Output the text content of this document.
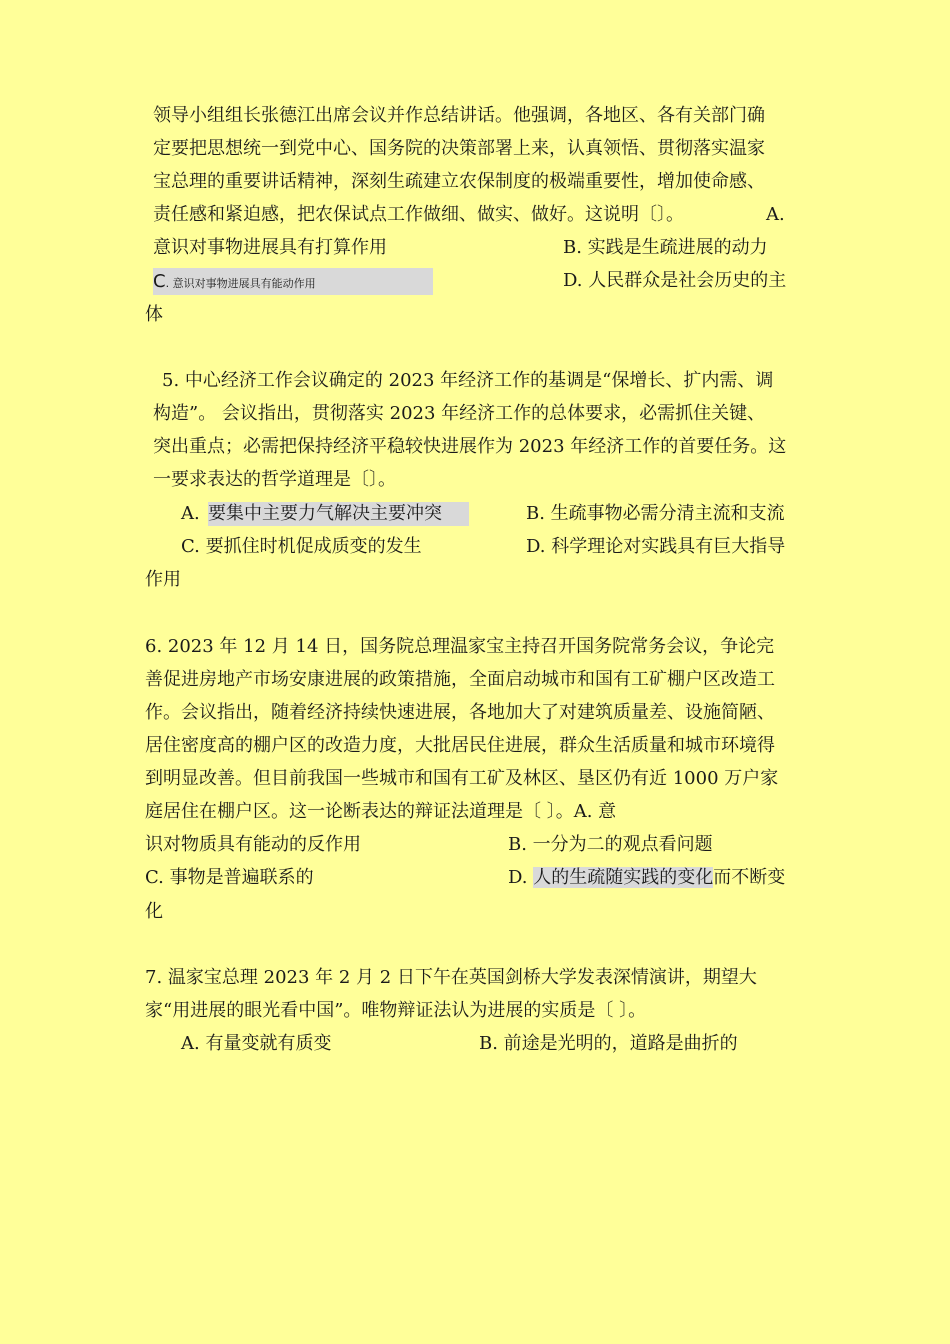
领导小组组长张德江出席会议并作总结讲话。他强调，各地区、各有关部门确
定要把思想统一到党中心、国务院的决策部署上来，认真领悟、贯彻落实温家
宝总理的重要讲话精神，深刻生疏建立农保制度的极端重要性，增加使命感、
责任感和紧迫感，把农保试点工作做细、做实、做好。这说明〔〕。	A.
意识对事物进展具有打算作用	B. 实践是生疏进展的动力
C. 意识对事物进展具有能动作用	D. 人民群众是社会历史的主
体
5. 中心经济工作会议确定的 2023 年经济工作的基调是“保增长、扩内需、调
构造”。 会议指出，贯彻落实 2023 年经济工作的总体要求，必需抓住关键、
突出重点；必需把保持经济平稳较快进展作为 2023 年经济工作的首要任务。这
一要求表达的哲学道理是〔〕。
A. 要集中主要力气解决主要冲突	B. 生疏事物必需分清主流和支流
C. 要抓住时机促成质变的发生	D. 科学理论对实践具有巨大指导
作用
6. 2023 年 12 月 14 日，国务院总理温家宝主持召开国务院常务会议，争论完
善促进房地产市场安康进展的政策措施，全面启动城市和国有工矿棚户区改造工
作。会议指出，随着经济持续快速进展，各地加大了对建筑质量差、设施简陋、
居住密度高的棚户区的改造力度，大批居民住进展，群众生活质量和城市环境得
到明显改善。但目前我国一些城市和国有工矿及林区、垦区仍有近 1000 万户家
庭居住在棚户区。这一论断表达的辩证法道理是〔 〕。A. 意
识对物质具有能动的反作用	B. 一分为二的观点看问题
C. 事物是普遍联系的	D. 人的生疏随实践的变化而不断变
化
7. 温家宝总理 2023 年 2 月 2 日下午在英国剑桥大学发表深情演讲，期望大
家“用进展的眼光看中国”。唯物辩证法认为进展的实质是〔 〕。
A. 有量变就有质变	B. 前途是光明的，道路是曲折的
